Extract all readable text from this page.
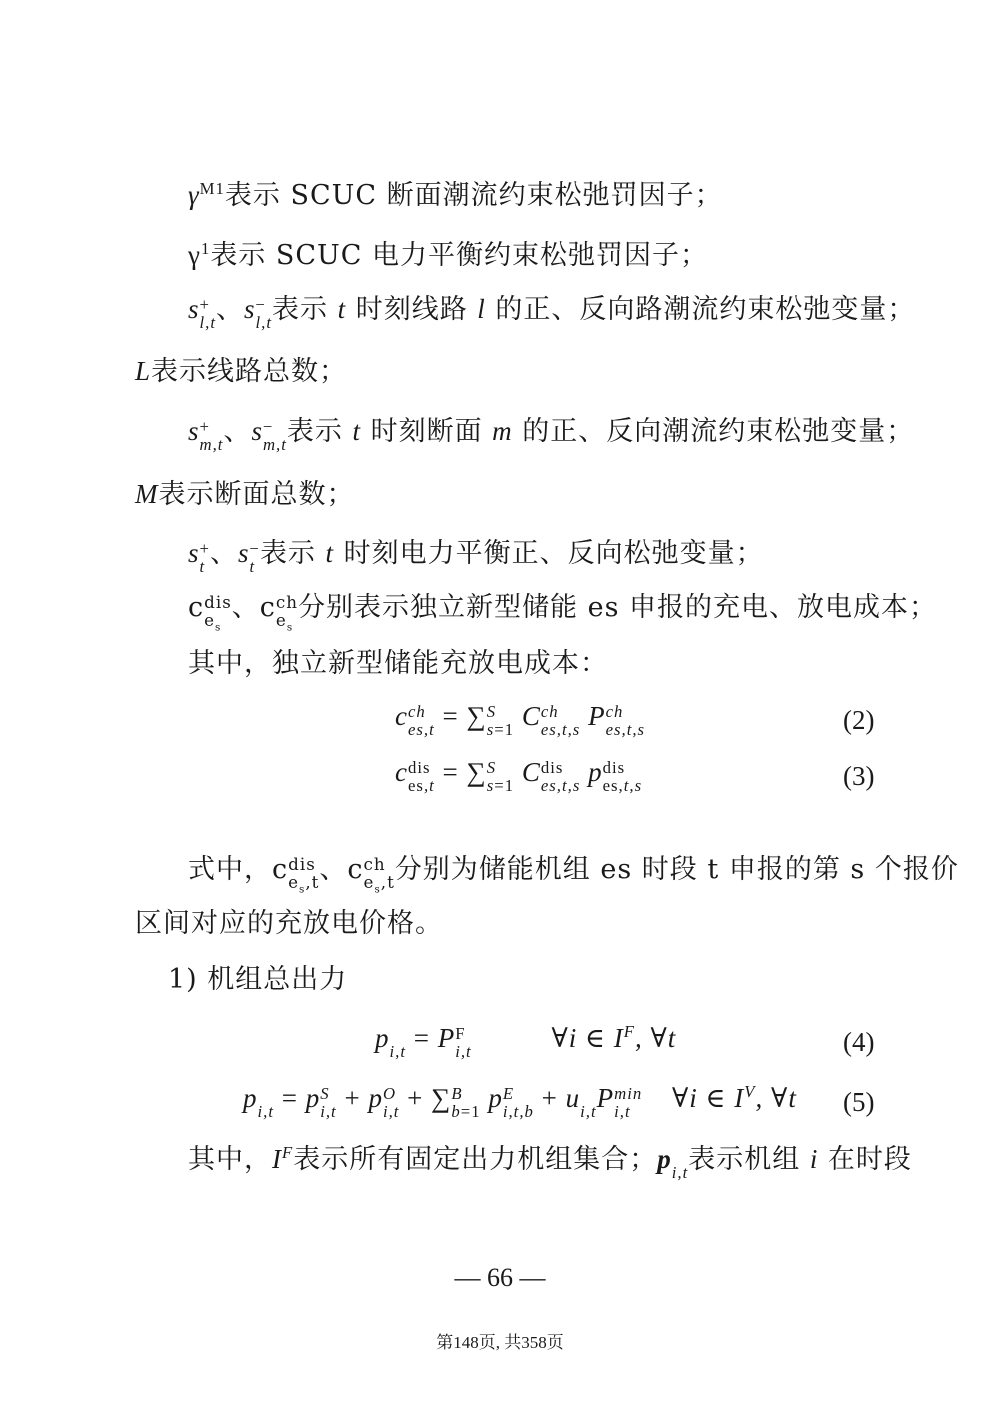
$\gamma^{M1}$表示 SCUC 断面潮流约束松弛罚因子；
$\gamma^1$表示 SCUC 电力平衡约束松弛罚因子；
s +
l,t 、s −
l,t 表示 t 时刻线路 l 的正、反向路潮流约束松弛变量；
L表示线路总数；
s +
m,t 、s −
m,t 表示 t 时刻断面 m 的正、反向潮流约束松弛变量；
M表示断面总数；
s +
t 、s −
t 表示 t 时刻电力平衡正、反向松弛变量；
c dis
$e_s$
、c ch
$e_s$
分别表示独立新型储能 es 申报的充电、放电成本；
其中，独立新型储能充放电成本：
c ch
es,t = ∑ S
s=1 C ch
es,t,s P ch
es,t,s	(2)
c dis
es,t = ∑ S
s=1 C dis
es,t,s p dis
es,t,s	(3)
式中，c dis
$e_s,t$ 、c ch
$e_s,t$ 分别为储能机组 es 时段 t 申报的第 s 个报价
区间对应的充放电价格。
1) 机组总出力
p
i,t = P F
i,t	∀i ∈ $I^F$, ∀t	(4)
p
i,t = p S
i,t + p O
i,t + ∑ B
b=1 p E
i,t,b + u
i,t P min
i,t	∀i ∈ $I^V$, ∀t (5)
其中，$I^F$表示所有固定出力机组集合；p
i,t 表示机组 i 在时段
— 66 —
第148页, 共358页
